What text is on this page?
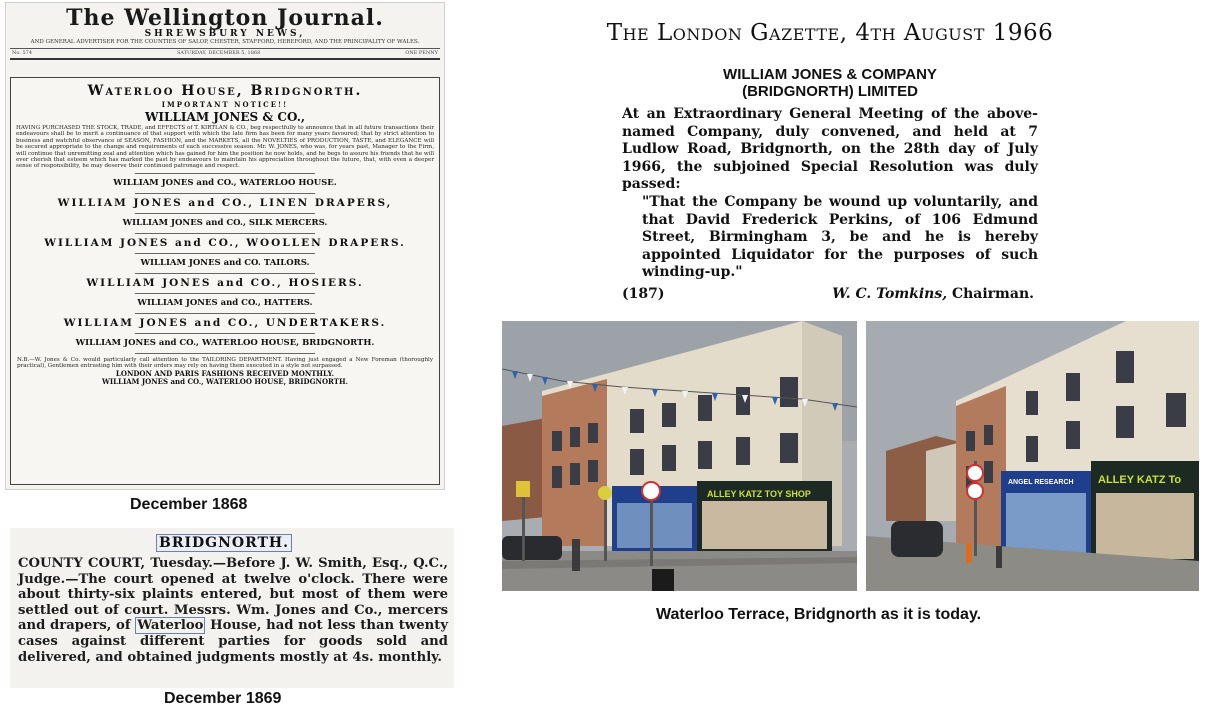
The Wellington Journal.
SHREWSBURY NEWS,
AND GENERAL ADVERTISER FOR THE COUNTIES OF SALOP, CHESTER, STAFFORD, HEREFORD, AND THE PRINCIPALITY OF WALES.
No. 574	SATURDAY, DECEMBER 5, 1868	ONE PENNY
Waterloo House, Bridgnorth.
IMPORTANT NOTICE!!
WILLIAM JONES & CO.,
HAVING PURCHASED THE STOCK, TRADE, and EFFECTS of T. KIRTLAN & CO., beg respectfully to announce that in all future transactions their endeavours shall be to merit a continuance of that support with which the late firm has been for many years favoured; that by strict attention to business and watchful observance of SEASON, FASHION, and the MARKETS, all the NOVELTIES of PRODUCTION, TASTE, and ELEGANCE will be secured appropriate to the change and requirements of each successive season. Mr. W. JONES, who was, for years past, Manager to the Firm, will continue that unremitting zeal and attention which has gained for him the position he now holds, and he begs to assure his friends that he will ever cherish that esteem which has marked the past by endeavours to maintain his appreciation throughout the future, that, with even a deeper sense of responsibility, he may deserve their continued patronage and respect.
WILLIAM JONES and CO., WATERLOO HOUSE.
WILLIAM JONES and CO., LINEN DRAPERS,
WILLIAM JONES and CO., SILK MERCERS.
WILLIAM JONES and CO., WOOLLEN DRAPERS.
WILLIAM JONES and CO. TAILORS.
WILLIAM JONES and CO., HOSIERS.
WILLIAM JONES and CO., HATTERS.
WILLIAM JONES and CO., UNDERTAKERS.
WILLIAM JONES and CO., WATERLOO HOUSE, BRIDGNORTH.
N.B.—W. Jones & Co. would particularly call attention to the TAILORING DEPARTMENT. Having just engaged a New Foreman (thoroughly practical), Gentlemen entrusting him with their orders may rely on having them executed in a style not surpassed.
LONDON AND PARIS FASHIONS RECEIVED MONTHLY.
WILLIAM JONES and CO., WATERLOO HOUSE, BRIDGNORTH.
December 1868
BRIDGNORTH.
COUNTY COURT, Tuesday.—Before J. W. Smith, Esq., Q.C., Judge.—The court opened at twelve o'clock. There were about thirty-six plaints entered, but most of them were settled out of court. Messrs. Wm. Jones and Co., mercers and drapers, of Waterloo House, had not less than twenty cases against different parties for goods sold and delivered, and obtained judgments mostly at 4s. monthly.
December 1869
The London Gazette, 4th August 1966
WILLIAM JONES & COMPANY
(BRIDGNORTH) LIMITED
At an Extraordinary General Meeting of the above-named Company, duly convened, and held at 7 Ludlow Road, Bridgnorth, on the 28th day of July 1966, the subjoined Special Resolution was duly passed:
"That the Company be wound up voluntarily, and that David Frederick Perkins, of 106 Edmund Street, Birmingham 3, be and he is hereby appointed Liquidator for the purposes of such winding-up."
(187)	W. C. Tomkins, Chairman.
ALLEY KATZ TOY SHOP
ANGEL RESEARCH ALLEY KATZ To
Waterloo Terrace, Bridgnorth as it is today.
